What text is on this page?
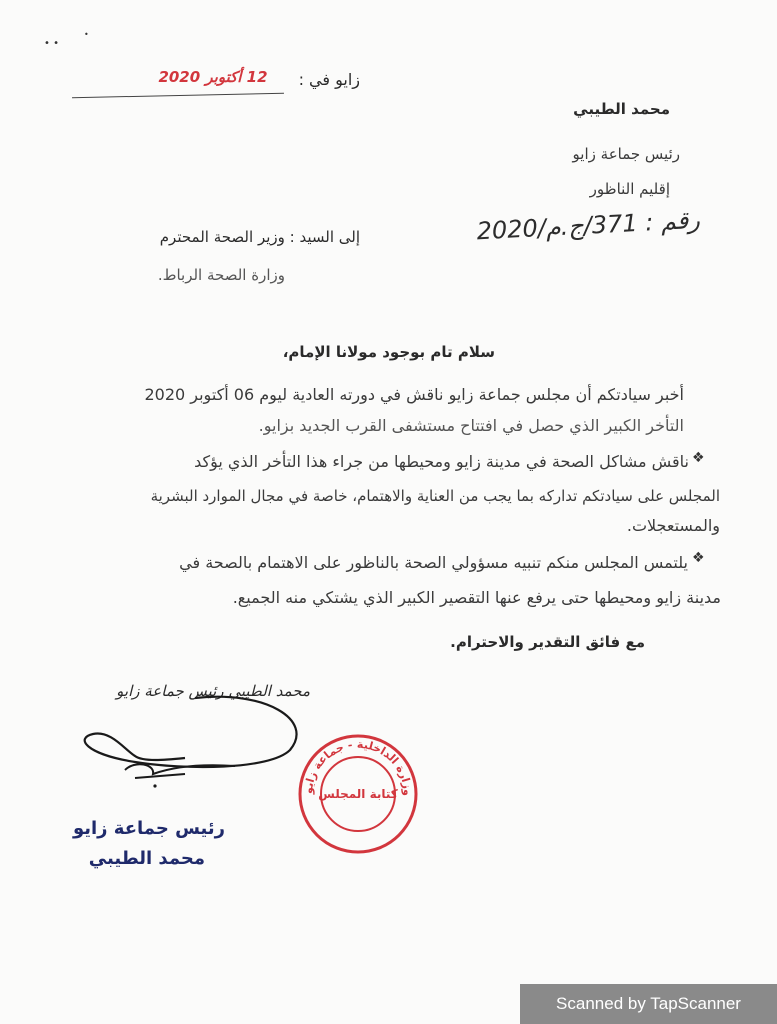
• •
•
زايو في :
12 أكتوبر 2020
محمد الطيبي
رئيس جماعة زايو
إقليم الناظور
رقم : 371/ج.م/2020
إلى السيد : وزير الصحة المحترم
وزارة الصحة الرباط.
سلام تام بوجود مولانا الإمام،
أخبر سيادتكم أن مجلس جماعة زايو ناقش في دورته العادية ليوم 06 أكتوبر 2020
التأخر الكبير الذي حصل في افتتاح مستشفى القرب الجديد بزايو.
❖
ناقش مشاكل الصحة في مدينة زايو ومحيطها من جراء هذا التأخر الذي يؤكد
المجلس على سيادتكم تداركه بما يجب من العناية والاهتمام، خاصة في مجال الموارد البشرية
والمستعجلات.
❖
يلتمس المجلس منكم تنبيه مسؤولي الصحة بالناظور على الاهتمام بالصحة في
مدينة زايو ومحيطها حتى يرفع عنها التقصير الكبير الذي يشتكي منه الجميع.
مع فائق التقدير والاحترام.
محمد الطيبي رئيس جماعة زايو
رئيس جماعة زايو
محمد الطيبي
وزارة الداخلية - جماعة زايو
كتابة المجلس
Scanned by TapScanner
